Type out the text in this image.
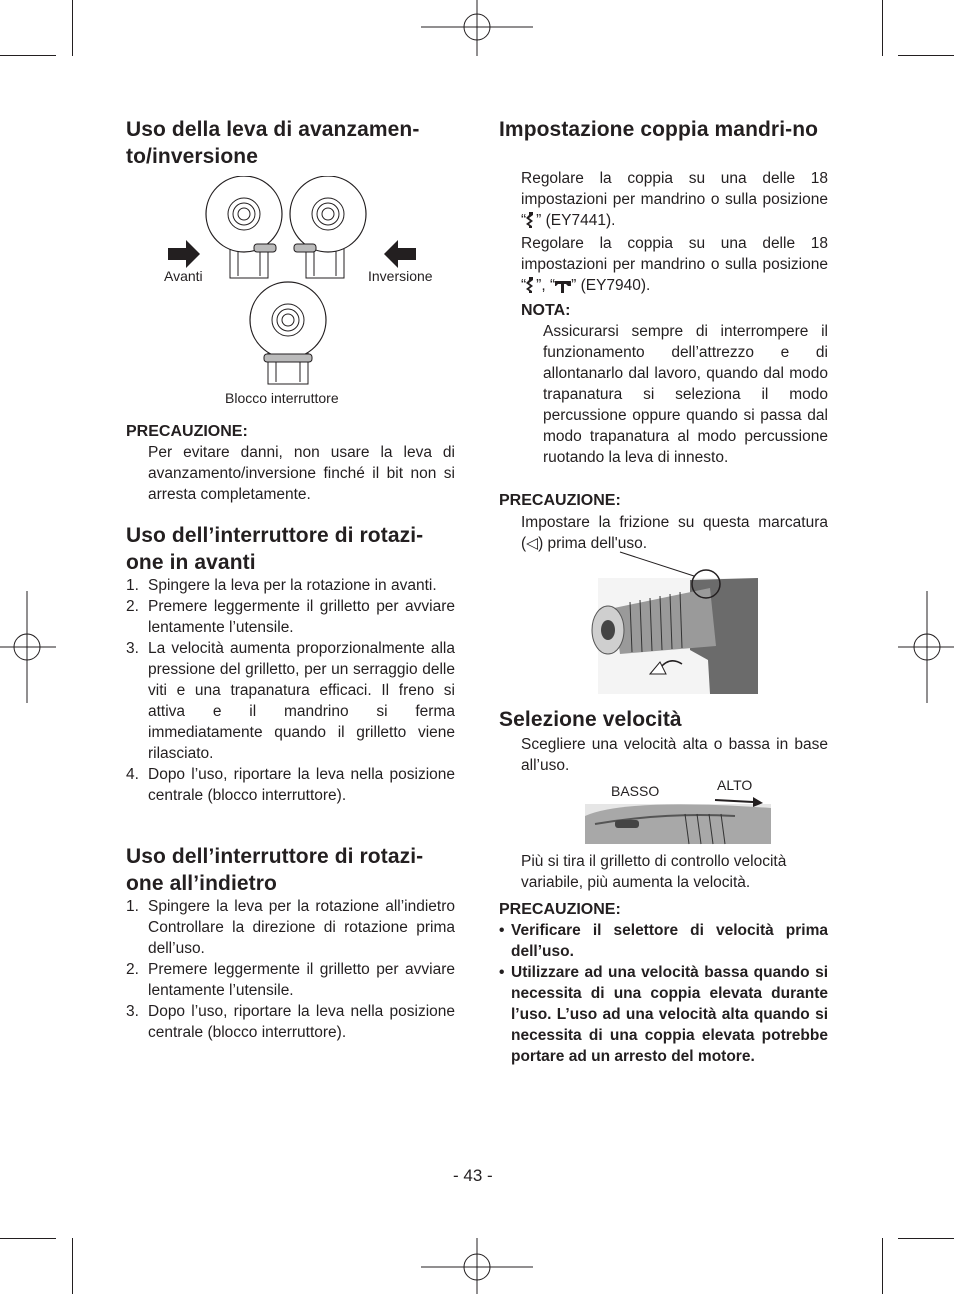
Uso della leva di avanzamen-to/inversione
Avanti	Inversione
Blocco interruttore
PRECAUZIONE:
Per evitare danni, non usare la leva di avanzamento/inversione finché il bit non si arresta completamente.
Uso dell’interruttore di rotazi-one in avanti
1. Spingere la leva per la rotazione in avanti.
2. Premere leggermente il grilletto per avviare lentamente l’utensile.
3. La velocità aumenta proporzionalmente alla pressione del grilletto, per un serraggio delle viti e una trapanatura efficaci. Il freno si attiva e il mandrino si ferma immediatamente quando il grilletto viene rilasciato.
4. Dopo l’uso, riportare la leva nella posizione centrale (blocco interruttore).
Uso dell’interruttore di rotazi-one all’indietro
1. Spingere la leva per la rotazione all’indietro Controllare la direzione di rotazione prima dell’uso.
2. Premere leggermente il grilletto per avviare lentamente l’utensile.
3. Dopo l’uso, riportare la leva nella posizione centrale (blocco interruttore).
Impostazione coppia mandri-no
Regolare la coppia su una delle 18 impostazioni per mandrino o sulla posizione “ ” (EY7441).
Regolare la coppia su una delle 18 impostazioni per mandrino o sulla posizione “ ”, “ ” (EY7940).
NOTA:
Assicurarsi sempre di interrompere il funzionamento dell’attrezzo e di allontanarlo dal lavoro, quando dal modo trapanatura si seleziona il modo percussione oppure quando si passa dal modo trapanatura al modo percussione ruotando la leva di innesto.
PRECAUZIONE:
Impostare la frizione su questa marcatura (◁) prima dell'uso.
Selezione velocità
Scegliere una velocità alta o bassa in base all’uso.
BASSO	ALTO
Più si tira il grilletto di controllo velocità variabile, più aumenta la velocità.
PRECAUZIONE:
• Verificare il selettore di velocità prima dell’uso.
• Utilizzare ad una velocità bassa quando si necessita di una coppia elevata durante l’uso. L’uso ad una velocità alta quando si necessita di una coppia elevata potrebbe portare ad un arresto del motore.
- 43 -
